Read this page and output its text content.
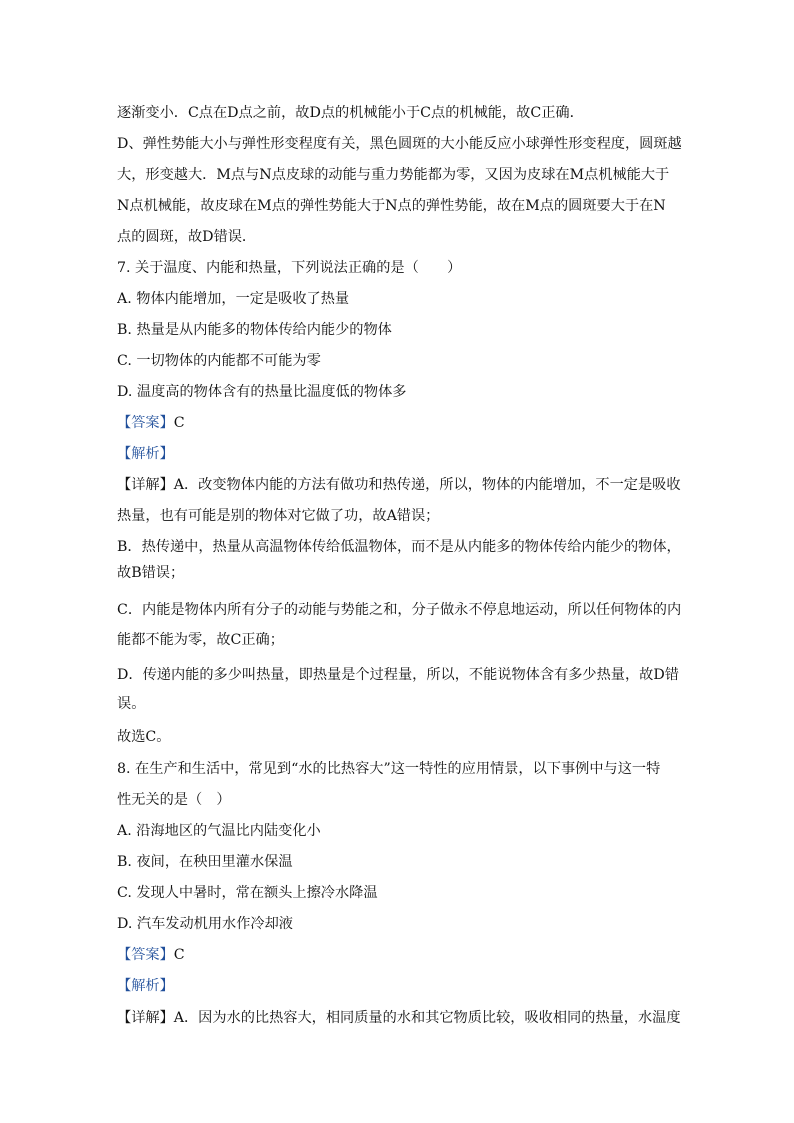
逐渐变小．C点在D点之前，故D点的机械能小于C点的机械能，故C正确．
D、弹性势能大小与弹性形变程度有关，黑色圆斑的大小能反应小球弹性形变程度，圆斑越
大，形变越大．M点与N点皮球的动能与重力势能都为零，又因为皮球在M点机械能大于
N点机械能，故皮球在M点的弹性势能大于N点的弹性势能，故在M点的圆斑要大于在N
点的圆斑，故D错误．
7. 关于温度、内能和热量，下列说法正确的是（　　）
A. 物体内能增加，一定是吸收了热量
B. 热量是从内能多的物体传给内能少的物体
C. 一切物体的内能都不可能为零
D. 温度高的物体含有的热量比温度低的物体多
【答案】C
【解析】
【详解】A．改变物体内能的方法有做功和热传递，所以，物体的内能增加，不一定是吸收
热量，也有可能是别的物体对它做了功，故A错误；
B．热传递中，热量从高温物体传给低温物体，而不是从内能多的物体传给内能少的物体，
故B错误；
C．内能是物体内所有分子的动能与势能之和，分子做永不停息地运动，所以任何物体的内
能都不能为零，故C正确；
D．传递内能的多少叫热量，即热量是个过程量，所以，不能说物体含有多少热量，故D错
误。
故选C。
8. 在生产和生活中，常见到“水的比热容大”这一特性的应用情景，以下事例中与这一特
性无关的是（　）
A. 沿海地区的气温比内陆变化小
B. 夜间，在秧田里灌水保温
C. 发现人中暑时，常在额头上擦冷水降温
D. 汽车发动机用水作冷却液
【答案】C
【解析】
【详解】A．因为水的比热容大，相同质量的水和其它物质比较，吸收相同的热量，水温度
